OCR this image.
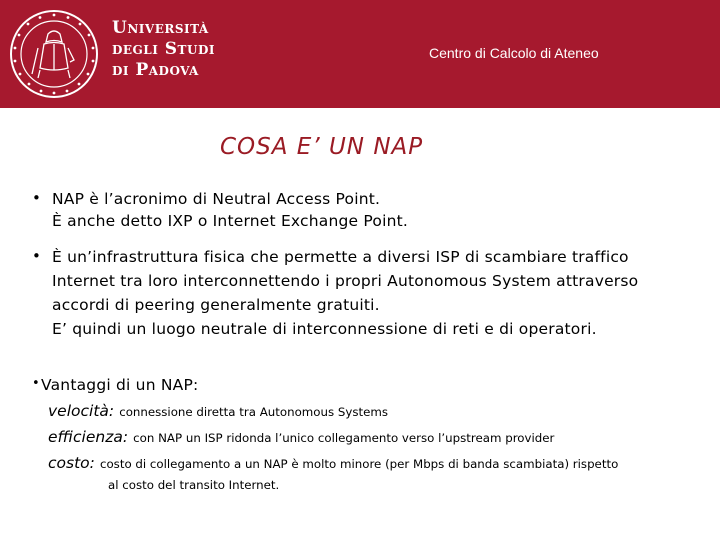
Università
degli Studi
di Padova
Centro di Calcolo di Ateneo
COSA E’ UN NAP
• NAP è l’acronimo di Neutral Access Point.
È anche detto IXP o Internet Exchange Point.
• È un’infrastruttura fisica che permette a diversi ISP di scambiare traffico
Internet tra loro interconnettendo i propri Autonomous System attraverso
accordi di peering generalmente gratuiti.
E’ quindi un luogo neutrale di interconnessione di reti e di operatori.
• Vantaggi di un NAP:
velocità: connessione diretta tra Autonomous Systems
efficienza: con NAP un ISP ridonda l’unico collegamento verso l’upstream provider
costo: costo di collegamento a un NAP è molto minore (per Mbps di banda scambiata) rispetto
al costo del transito Internet.
